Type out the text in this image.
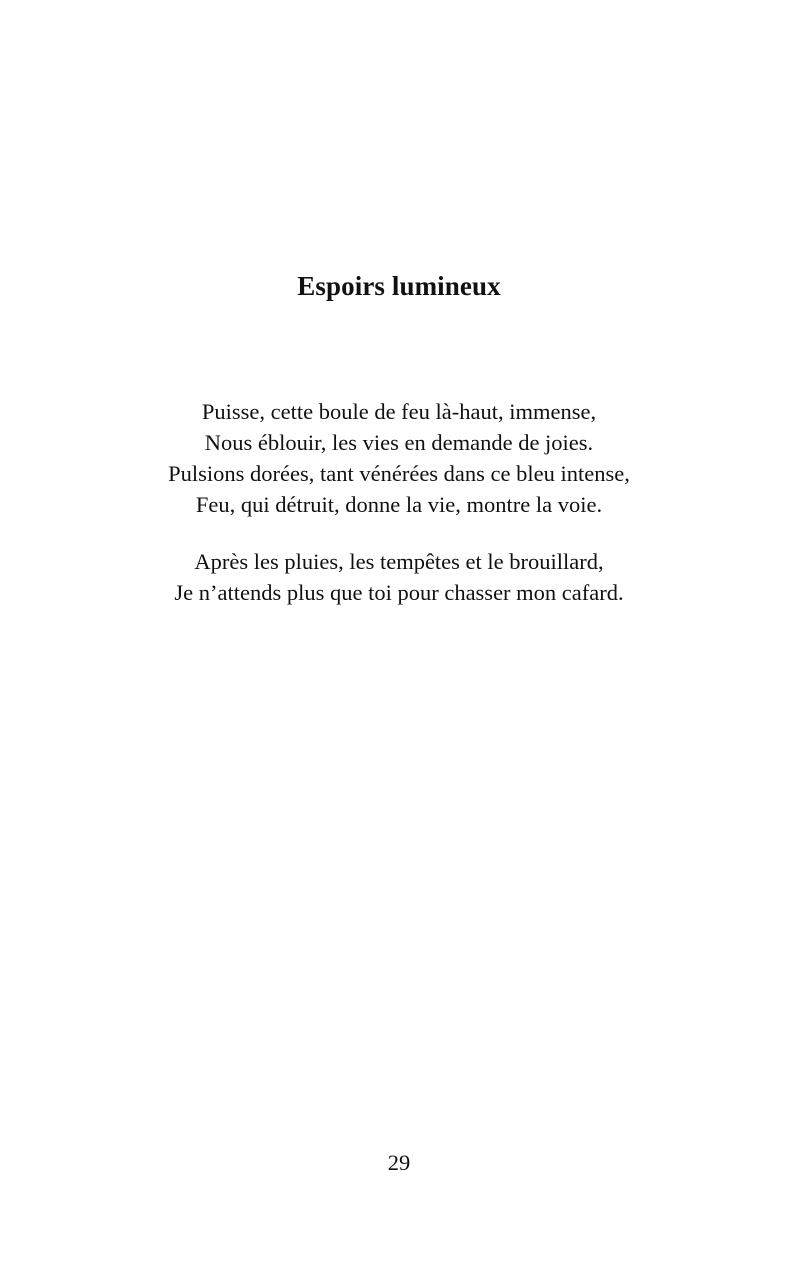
Espoirs lumineux
Puisse, cette boule de feu là-haut, immense,
Nous éblouir, les vies en demande de joies.
Pulsions dorées, tant vénérées dans ce bleu intense,
Feu, qui détruit, donne la vie, montre la voie.
Après les pluies, les tempêtes et le brouillard,
Je n’attends plus que toi pour chasser mon cafard.
29
